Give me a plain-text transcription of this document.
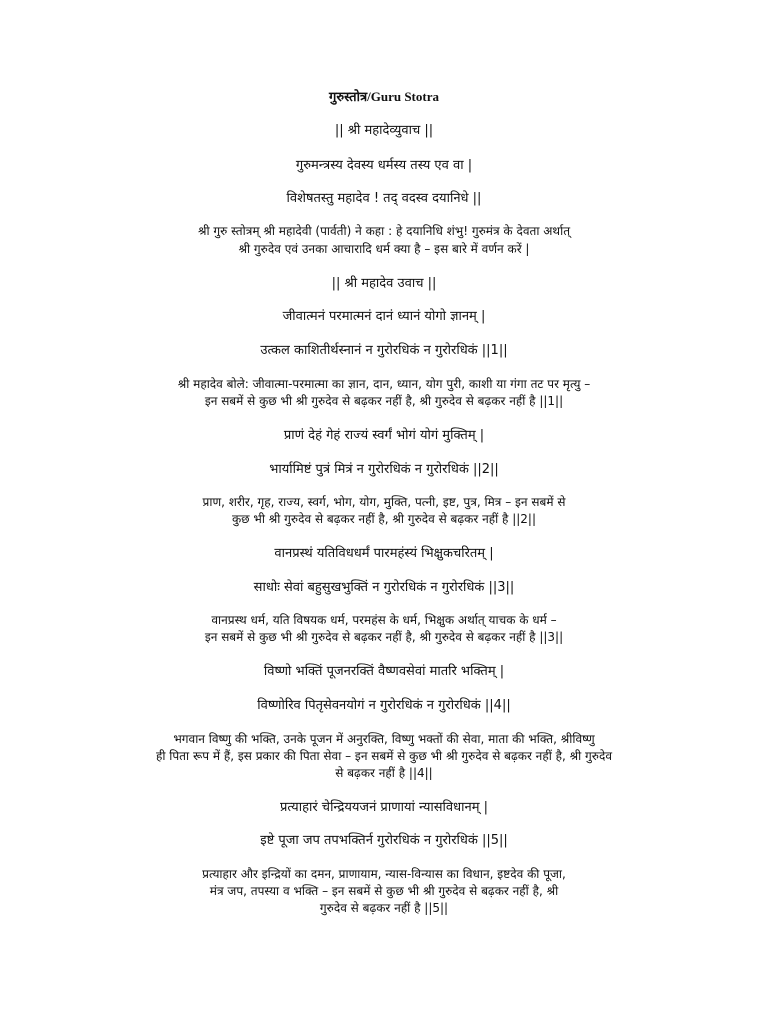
गुरुस्तोत्र/Guru Stotra
|| श्री महादेव्युवाच ||
गुरुमन्त्रस्य देवस्य धर्मस्य तस्य एव वा |
विशेषतस्तु महादेव ! तद् वदस्व दयानिधे ||
श्री गुरु स्तोत्रम् श्री महादेवी (पार्वती) ने कहा : हे दयानिधि शंभु! गुरुमंत्र के देवता अर्थात्
श्री गुरुदेव एवं उनका आचारादि धर्म क्या है – इस बारे में वर्णन करें |
|| श्री महादेव उवाच ||
जीवात्मनं परमात्मनं दानं ध्यानं योगो ज्ञानम् |
उत्कल काशितीर्थस्नानं न गुरोरधिकं न गुरोरधिकं ||1||
श्री महादेव बोले: जीवात्मा-परमात्मा का ज्ञान, दान, ध्यान, योग पुरी, काशी या गंगा तट पर मृत्यु –
इन सबमें से कुछ भी श्री गुरुदेव से बढ़कर नहीं है, श्री गुरुदेव से बढ़कर नहीं है ||1||
प्राणं देहं गेहं राज्यं स्वर्गं भोगं योगं मुक्तिम् |
भार्यामिष्टं पुत्रं मित्रं न गुरोरधिकं न गुरोरधिकं ||2||
प्राण, शरीर, गृह, राज्य, स्वर्ग, भोग, योग, मुक्ति, पत्नी, इष्ट, पुत्र, मित्र – इन सबमें से
कुछ भी श्री गुरुदेव से बढ़कर नहीं है, श्री गुरुदेव से बढ़कर नहीं है ||2||
वानप्रस्थं यतिविधधर्मं पारमहंस्यं भिक्षुकचरितम् |
साधोः सेवां बहुसुखभुक्तिं न गुरोरधिकं न गुरोरधिकं ||3||
वानप्रस्थ धर्म, यति विषयक धर्म, परमहंस के धर्म, भिक्षुक अर्थात् याचक के धर्म –
इन सबमें से कुछ भी श्री गुरुदेव से बढ़कर नहीं है, श्री गुरुदेव से बढ़कर नहीं है ||3||
विष्णो भक्तिं पूजनरक्तिं वैष्णवसेवां मातरि भक्तिम् |
विष्णोरिव पितृसेवनयोगं न गुरोरधिकं न गुरोरधिकं ||4||
भगवान विष्णु की भक्ति, उनके पूजन में अनुरक्ति, विष्णु भक्तों की सेवा, माता की भक्ति, श्रीविष्णु
ही पिता रूप में हैं, इस प्रकार की पिता सेवा – इन सबमें से कुछ भी श्री गुरुदेव से बढ़कर नहीं है, श्री गुरुदेव
से बढ़कर नहीं है ||4||
प्रत्याहारं चेन्द्रिययजनं प्राणायां न्यासविधानम् |
इष्टे पूजा जप तपभक्तिर्न गुरोरधिकं न गुरोरधिकं ||5||
प्रत्याहार और इन्द्रियों का दमन, प्राणायाम, न्यास-विन्यास का विधान, इष्टदेव की पूजा,
मंत्र जप, तपस्या व भक्ति – इन सबमें से कुछ भी श्री गुरुदेव से बढ़कर नहीं है, श्री
गुरुदेव से बढ़कर नहीं है ||5||
